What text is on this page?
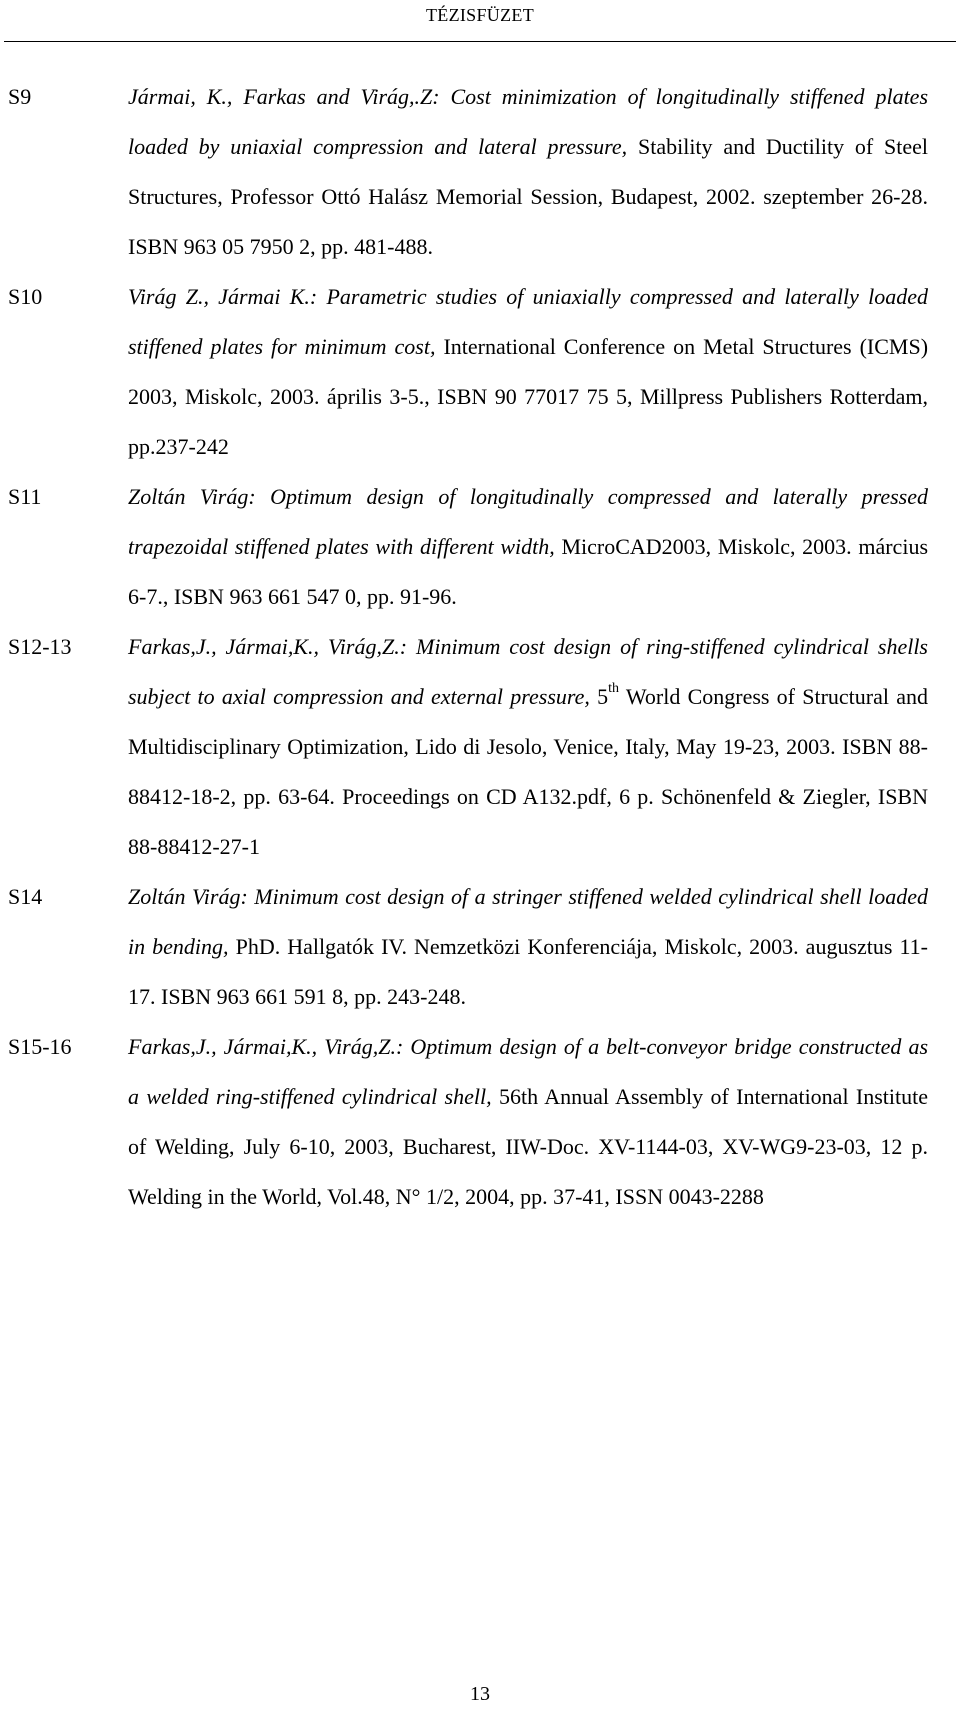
TÉZISFÜZET
S9	Jármai, K., Farkas and Virág,.Z: Cost minimization of longitudinally stiffened plates loaded by uniaxial compression and lateral pressure, Stability and Ductility of Steel Structures, Professor Ottó Halász Memorial Session, Budapest, 2002. szeptember 26-28. ISBN 963 05 7950 2, pp. 481-488.
S10	Virág Z., Jármai K.: Parametric studies of uniaxially compressed and laterally loaded stiffened plates for minimum cost, International Conference on Metal Structures (ICMS) 2003, Miskolc, 2003. április 3-5., ISBN 90 77017 75 5, Millpress Publishers Rotterdam, pp.237-242
S11	Zoltán Virág: Optimum design of longitudinally compressed and laterally pressed trapezoidal stiffened plates with different width, MicroCAD2003, Miskolc, 2003. március 6-7., ISBN 963 661 547 0, pp. 91-96.
S12-13	Farkas,J., Jármai,K., Virág,Z.: Minimum cost design of ring-stiffened cylindrical shells subject to axial compression and external pressure, 5th World Congress of Structural and Multidisciplinary Optimization, Lido di Jesolo, Venice, Italy, May 19-23, 2003. ISBN 88-88412-18-2, pp. 63-64. Proceedings on CD A132.pdf, 6 p. Schönenfeld & Ziegler, ISBN 88-88412-27-1
S14	Zoltán Virág: Minimum cost design of a stringer stiffened welded cylindrical shell loaded in bending, PhD. Hallgatók IV. Nemzetközi Konferenciája, Miskolc, 2003. augusztus 11-17. ISBN 963 661 591 8, pp. 243-248.
S15-16	Farkas,J., Jármai,K., Virág,Z.: Optimum design of a belt-conveyor bridge constructed as a welded ring-stiffened cylindrical shell, 56th Annual Assembly of International Institute of Welding, July 6-10, 2003, Bucharest, IIW-Doc. XV-1144-03, XV-WG9-23-03, 12 p. Welding in the World, Vol.48, N° 1/2, 2004, pp. 37-41, ISSN 0043-2288
13
